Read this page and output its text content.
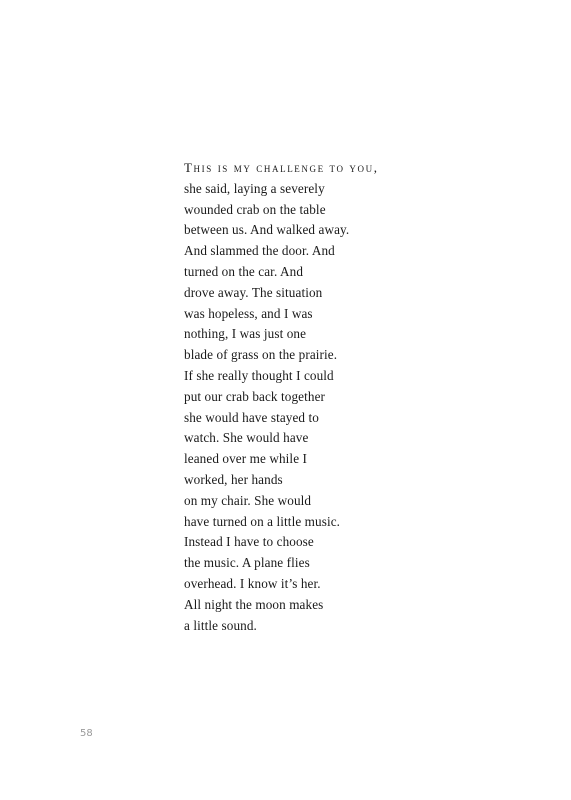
This is my challenge to you,
she said, laying a severely
wounded crab on the table
between us. And walked away.
And slammed the door. And
turned on the car. And
drove away. The situation
was hopeless, and I was
nothing, I was just one
blade of grass on the prairie.
If she really thought I could
put our crab back together
she would have stayed to
watch. She would have
leaned over me while I
worked, her hands
on my chair. She would
have turned on a little music.
Instead I have to choose
the music. A plane flies
overhead. I know it’s her.
All night the moon makes
a little sound.
58
